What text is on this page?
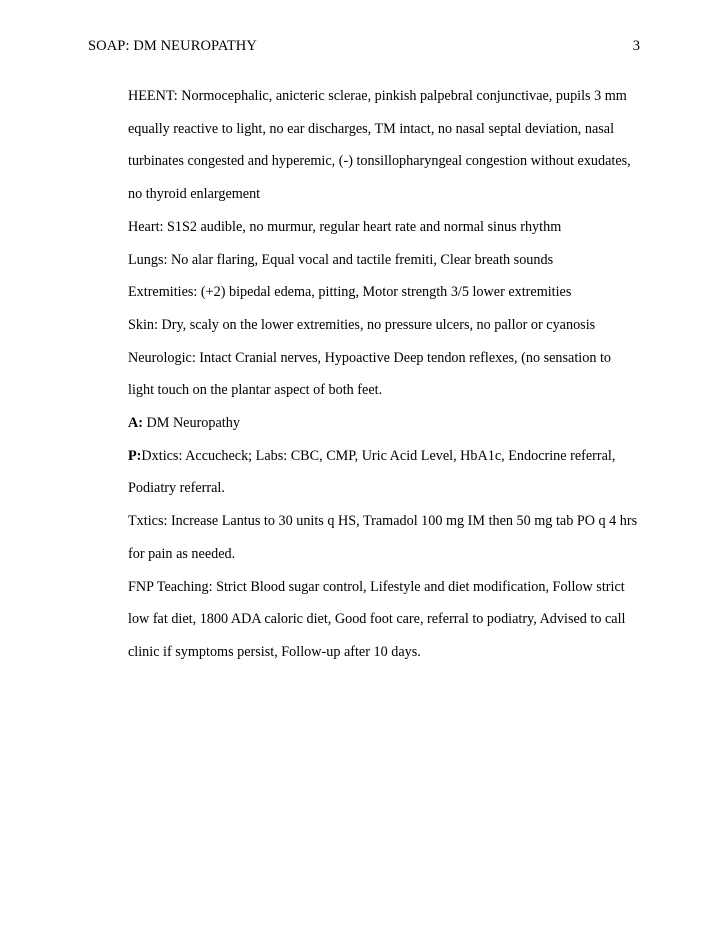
SOAP: DM NEUROPATHY	3
HEENT: Normocephalic, anicteric sclerae, pinkish palpebral conjunctivae, pupils 3 mm
equally reactive to light, no ear discharges, TM intact, no nasal septal deviation, nasal
turbinates congested and hyperemic, (-) tonsillopharyngeal congestion without exudates,
no thyroid enlargement
Heart: S1S2 audible, no murmur, regular heart rate and normal sinus rhythm
Lungs: No alar flaring, Equal vocal and tactile fremiti, Clear breath sounds
Extremities: (+2) bipedal edema, pitting, Motor strength 3/5 lower extremities
Skin: Dry, scaly on the lower extremities, no pressure ulcers, no pallor or cyanosis
Neurologic: Intact Cranial nerves, Hypoactive Deep tendon reflexes, (no sensation to
light touch on the plantar aspect of both feet.
A: DM Neuropathy
P:Dxtics: Accucheck; Labs: CBC, CMP, Uric Acid Level, HbA1c, Endocrine referral,
Podiatry referral.
Txtics: Increase Lantus to 30 units q HS, Tramadol 100 mg IM then 50 mg tab PO q 4 hrs
for pain as needed.
FNP Teaching: Strict Blood sugar control, Lifestyle and diet modification, Follow strict
low fat diet, 1800 ADA caloric diet, Good foot care, referral to podiatry, Advised to call
clinic if symptoms persist, Follow-up after 10 days.
